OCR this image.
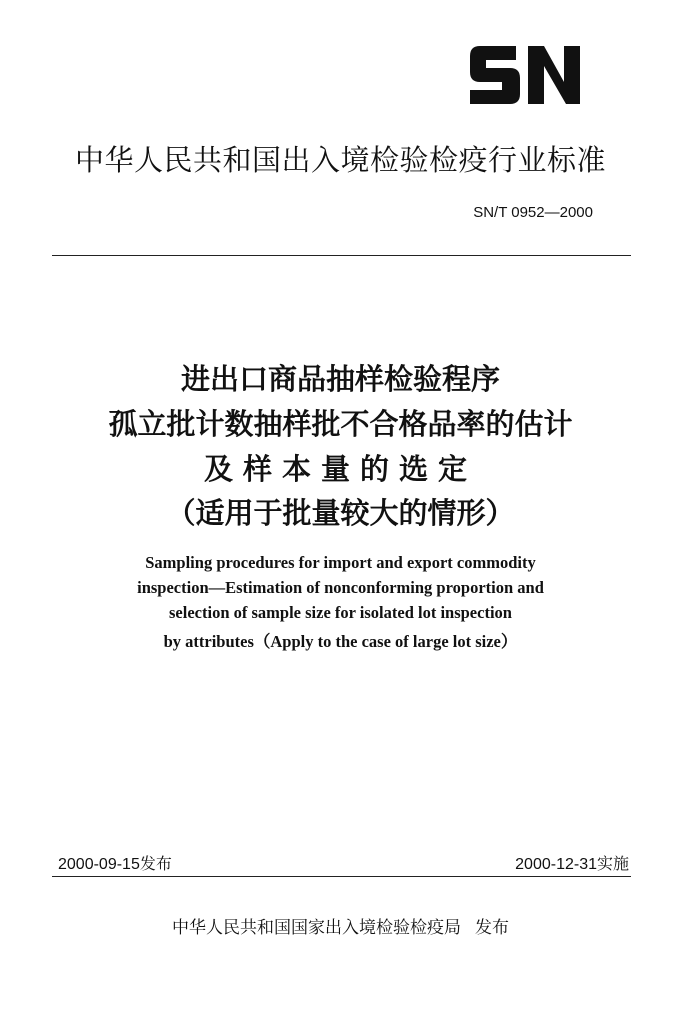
中华人民共和国出入境检验检疫行业标准
SN/T 0952—2000
进出口商品抽样检验程序
孤立批计数抽样批不合格品率的估计
及样本量的选定
（适用于批量较大的情形）
Sampling procedures for import and export commodity
inspection—Estimation of nonconforming proportion and
selection of sample size for isolated lot inspection
by attributes（Apply to the case of large lot size）
2000-09-15发布	2000-12-31实施
中华人民共和国国家出入境检验检疫局 发布
